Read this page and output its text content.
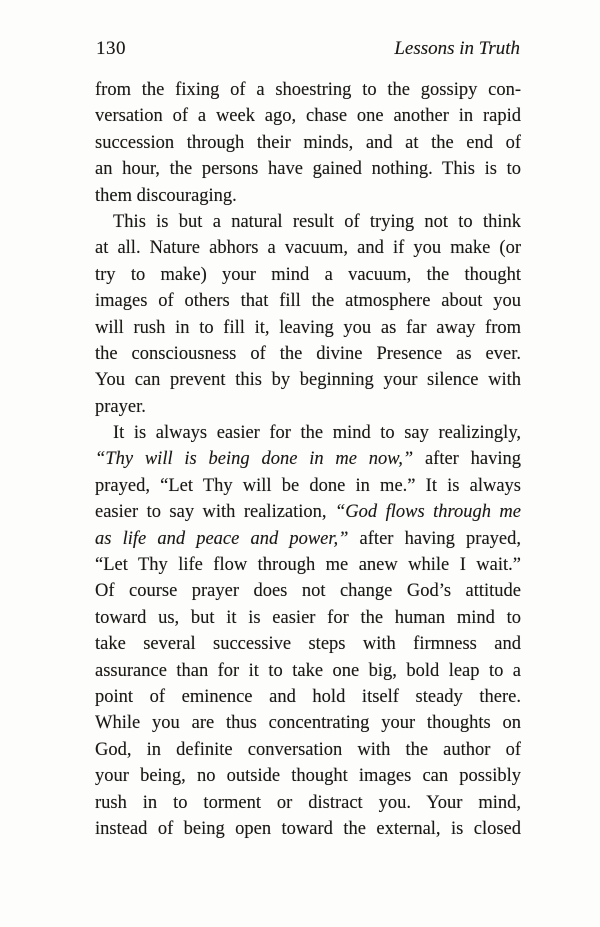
130	Lessons in Truth
from the fixing of a shoestring to the gossipy con-
versation of a week ago, chase one another in rapid
succession through their minds, and at the end of
an hour, the persons have gained nothing. This is to
them discouraging.
This is but a natural result of trying not to think
at all. Nature abhors a vacuum, and if you make (or
try to make) your mind a vacuum, the thought
images of others that fill the atmosphere about you
will rush in to fill it, leaving you as far away from
the consciousness of the divine Presence as ever.
You can prevent this by beginning your silence with
prayer.
It is always easier for the mind to say realizingly,
“Thy will is being done in me now,” after having
prayed, “Let Thy will be done in me.” It is always
easier to say with realization, “God flows through me
as life and peace and power,” after having prayed,
“Let Thy life flow through me anew while I wait.”
Of course prayer does not change God’s attitude
toward us, but it is easier for the human mind to
take several successive steps with firmness and
assurance than for it to take one big, bold leap to a
point of eminence and hold itself steady there.
While you are thus concentrating your thoughts on
God, in definite conversation with the author of
your being, no outside thought images can possibly
rush in to torment or distract you. Your mind,
instead of being open toward the external, is closed
